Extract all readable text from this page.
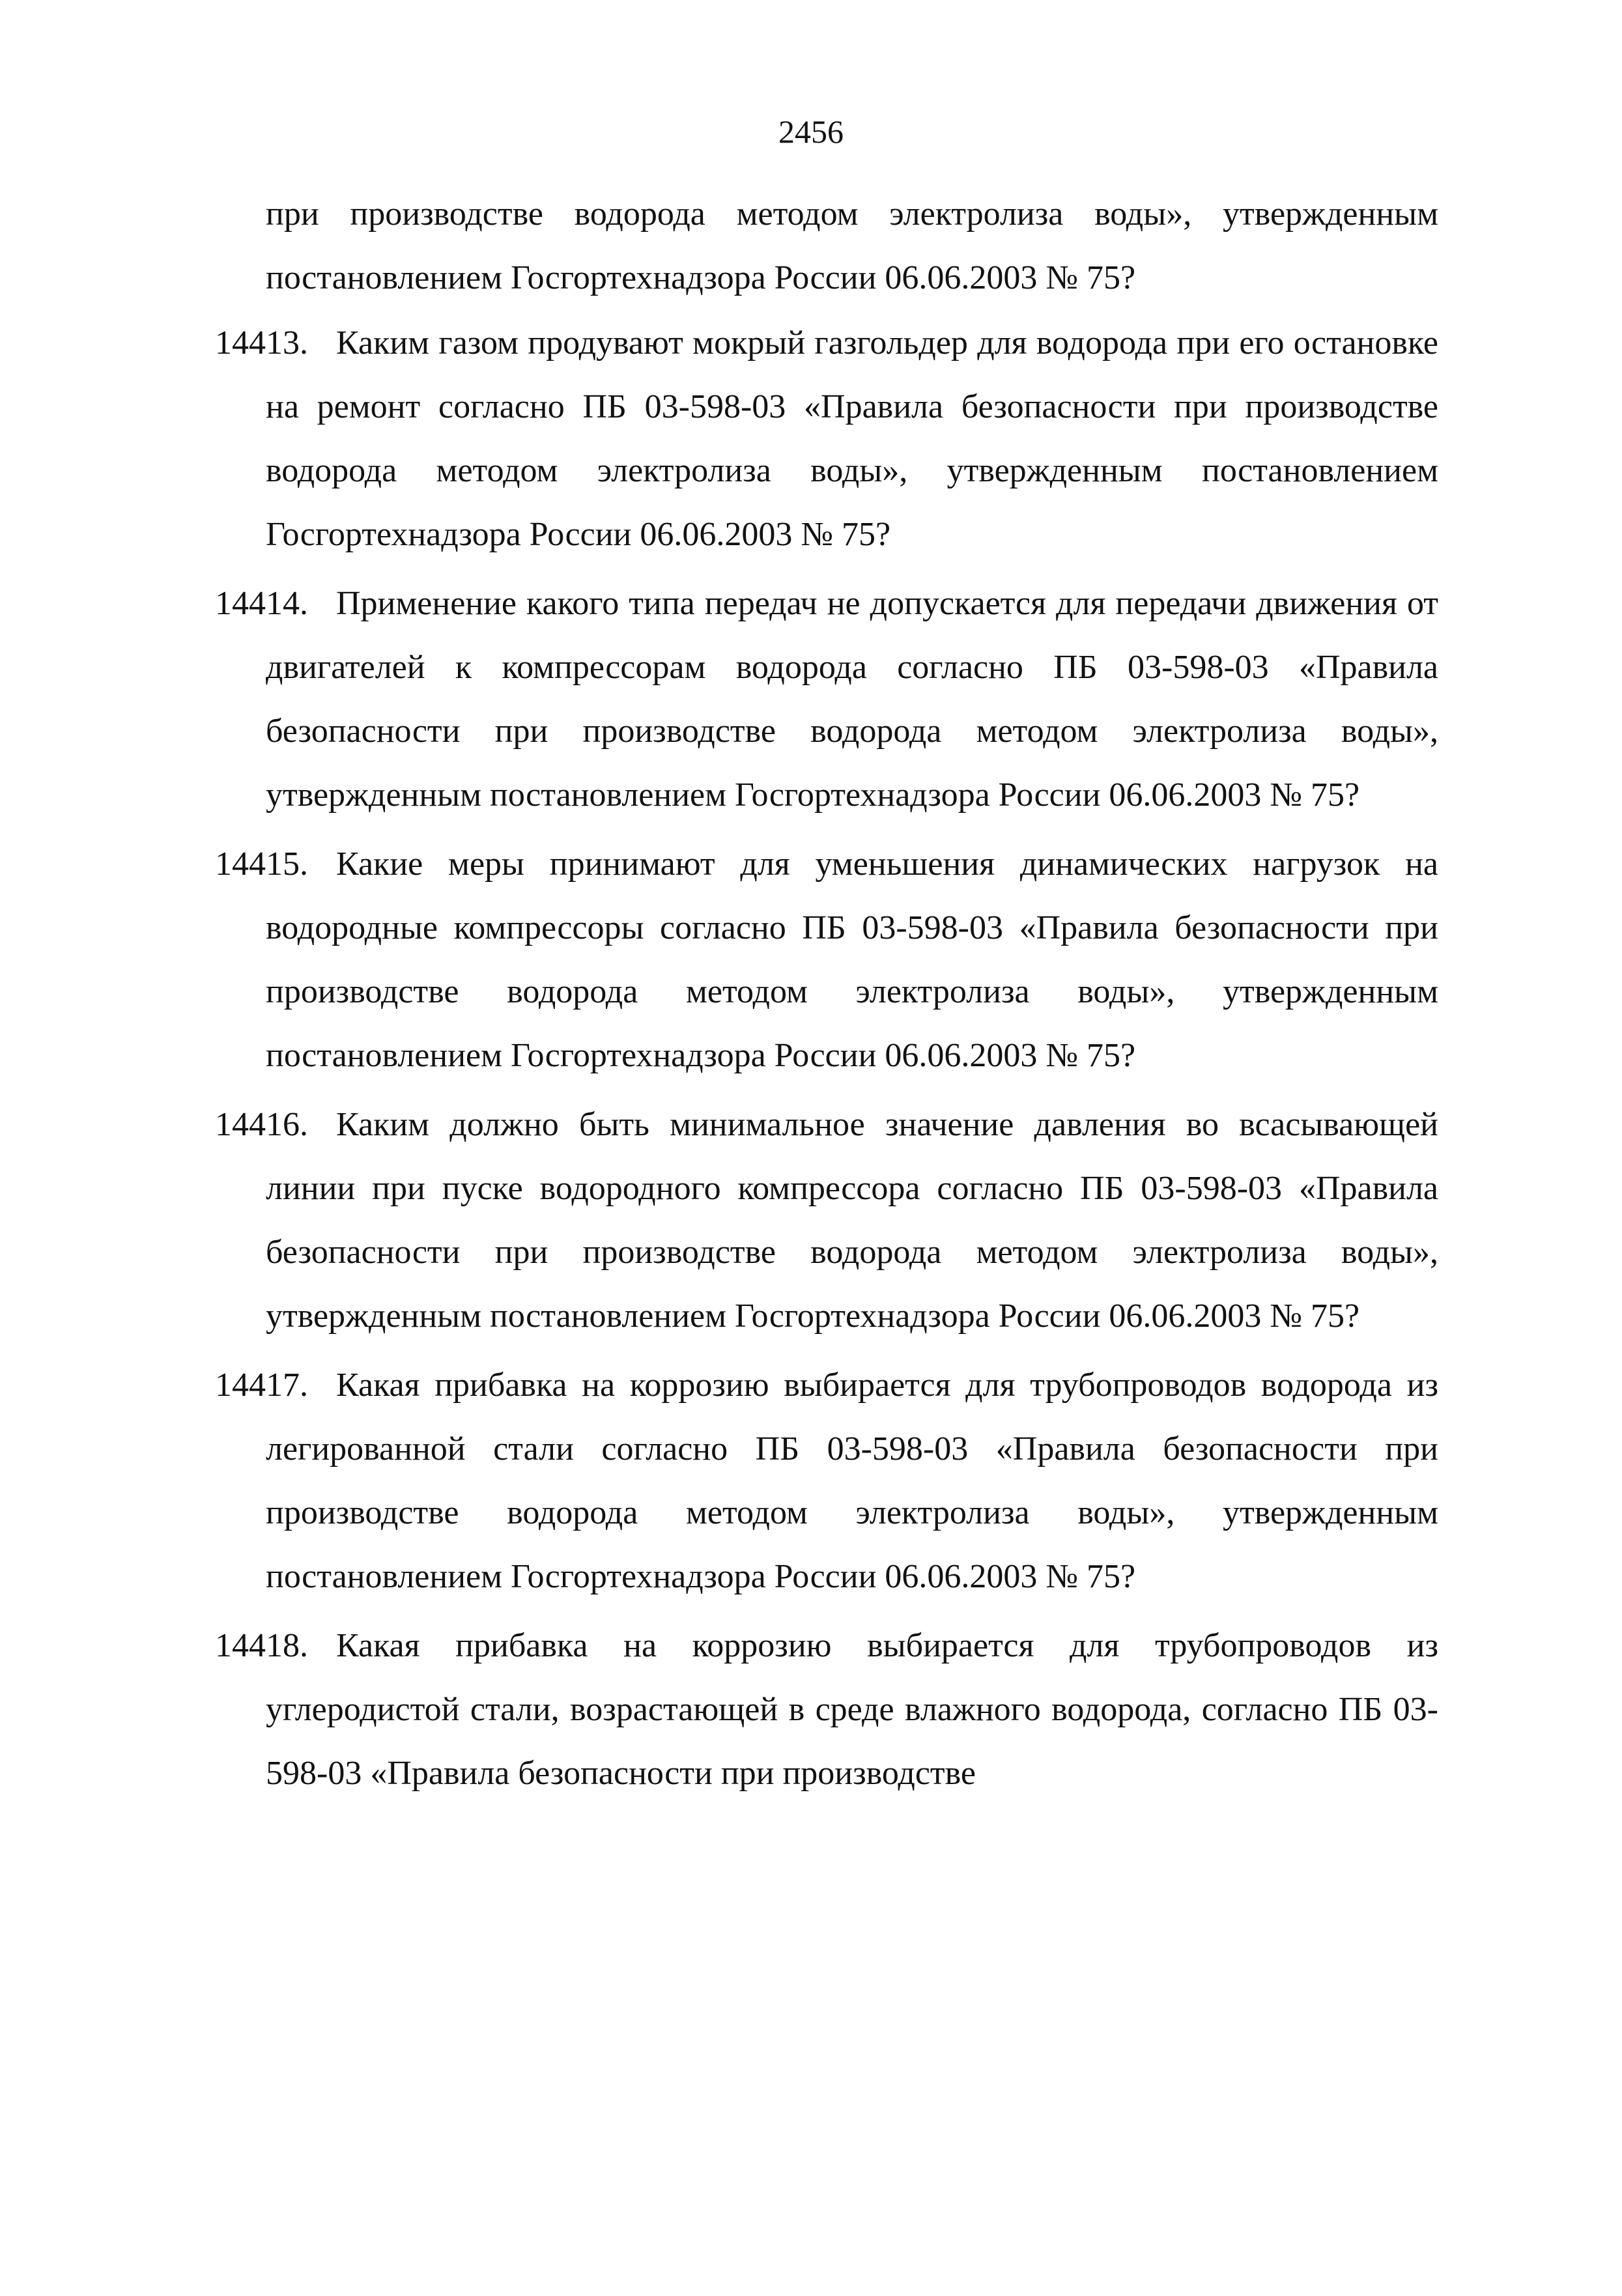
2456
при производстве водорода методом электролиза воды», утвержденным постановлением Госгортехнадзора России 06.06.2003 № 75?
14413. Каким газом продувают мокрый газгольдер для водорода при его остановке на ремонт согласно ПБ 03-598-03 «Правила безопасности при производстве водорода методом электролиза воды», утвержденным постановлением Госгортехнадзора России 06.06.2003 № 75?
14414. Применение какого типа передач не допускается для передачи движения от двигателей к компрессорам водорода согласно ПБ 03-598-03 «Правила безопасности при производстве водорода методом электролиза воды», утвержденным постановлением Госгортехнадзора России 06.06.2003 № 75?
14415. Какие меры принимают для уменьшения динамических нагрузок на водородные компрессоры согласно ПБ 03-598-03 «Правила безопасности при производстве водорода методом электролиза воды», утвержденным постановлением Госгортехнадзора России 06.06.2003 № 75?
14416. Каким должно быть минимальное значение давления во всасывающей линии при пуске водородного компрессора согласно ПБ 03-598-03 «Правила безопасности при производстве водорода методом электролиза воды», утвержденным постановлением Госгортехнадзора России 06.06.2003 № 75?
14417. Какая прибавка на коррозию выбирается для трубопроводов водорода из легированной стали согласно ПБ 03-598-03 «Правила безопасности при производстве водорода методом электролиза воды», утвержденным постановлением Госгортехнадзора России 06.06.2003 № 75?
14418. Какая прибавка на коррозию выбирается для трубопроводов из углеродистой стали, возрастающей в среде влажного водорода, согласно ПБ 03-598-03 «Правила безопасности при производстве
